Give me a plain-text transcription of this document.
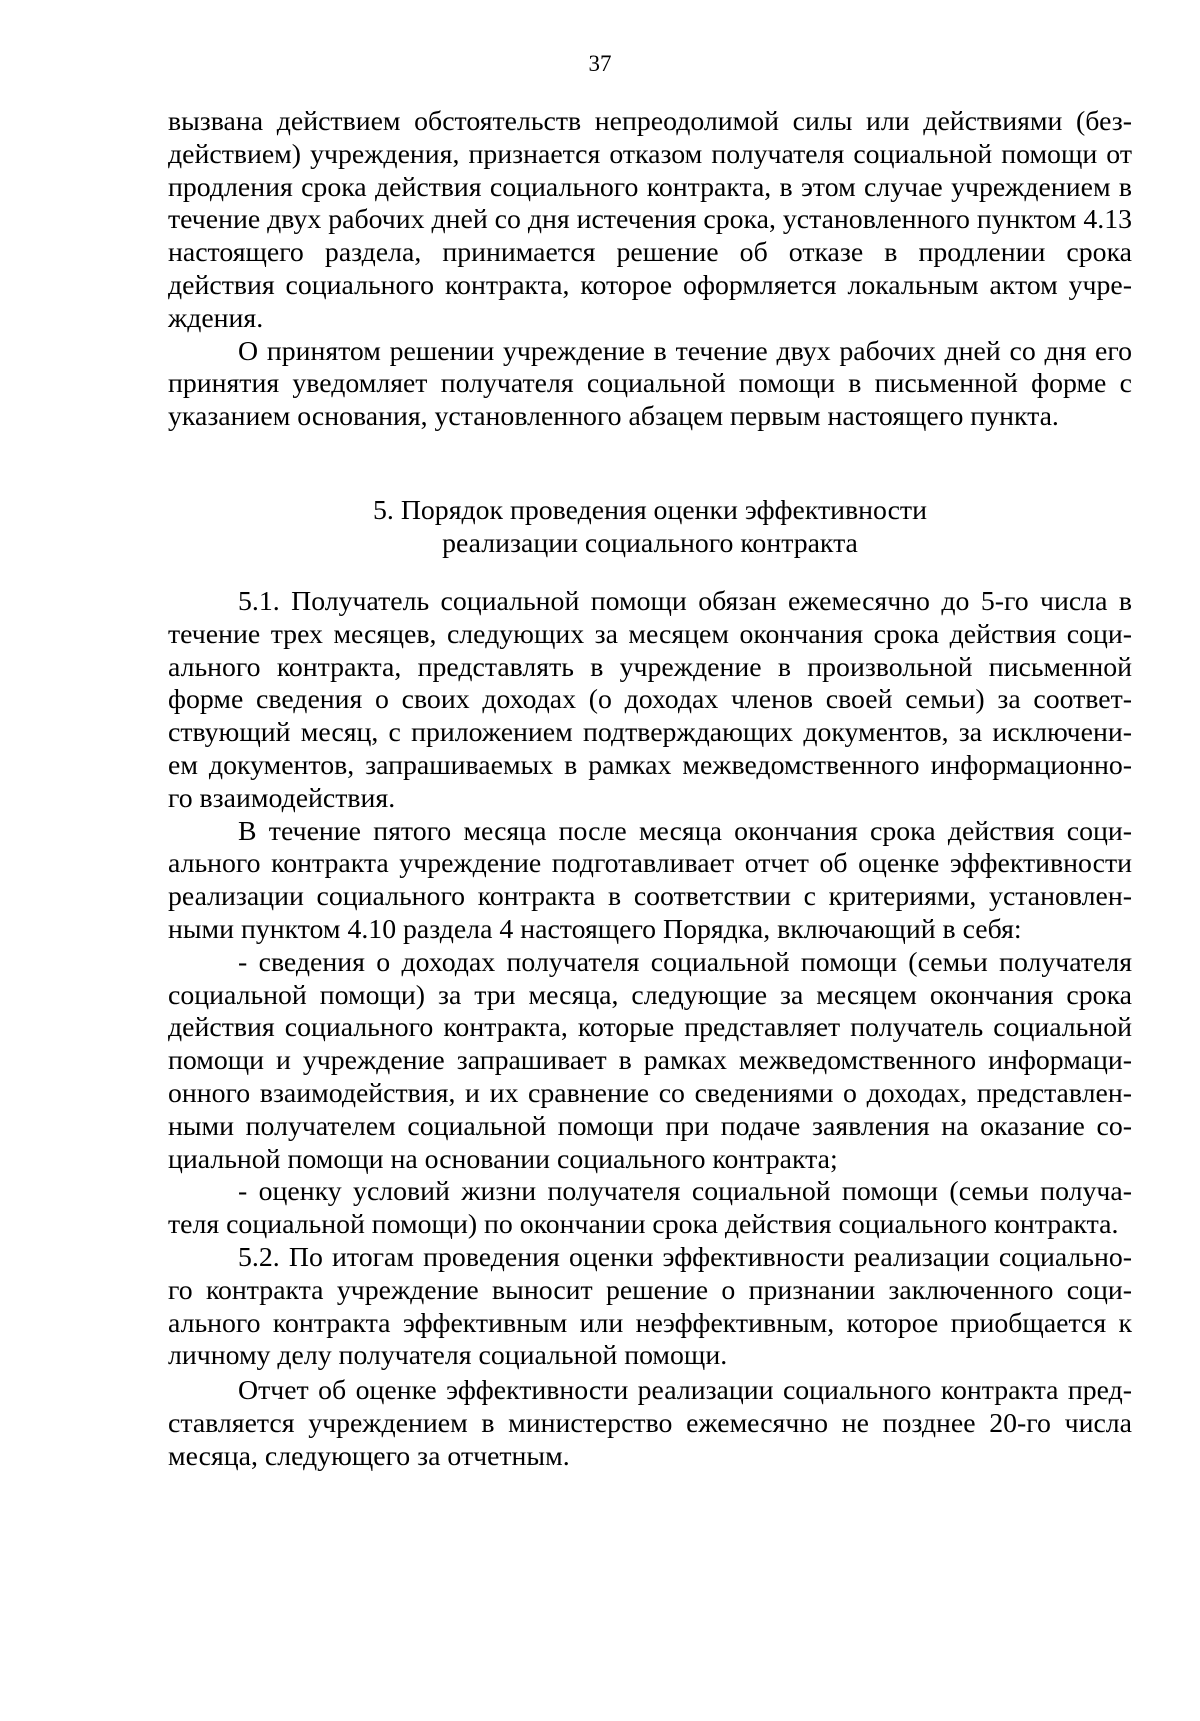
37

вызвана действием обстоятельств непреодолимой силы или действиями (без-действием) учреждения, признается отказом получателя социальной помощи от продления срока действия социального контракта, в этом случае учреждением в течение двух рабочих дней со дня истечения срока, установленного пунктом 4.13 настоящего раздела, принимается решение об отказе в продлении срока действия социального контракта, которое оформляется локальным актом учре-ждения.

О принятом решении учреждение в течение двух рабочих дней со дня его принятия уведомляет получателя социальной помощи в письменной форме с указанием основания, установленного абзацем первым настоящего пункта.

5. Порядок проведения оценки эффективности
реализации социального контракта

5.1. Получатель социальной помощи обязан ежемесячно до 5-го числа в течение трех месяцев, следующих за месяцем окончания срока действия соци-ального контракта, представлять в учреждение в произвольной письменной форме сведения о своих доходах (о доходах членов своей семьи) за соответ-ствующий месяц, с приложением подтверждающих документов, за исключени-ем документов, запрашиваемых в рамках межведомственного информационно-го взаимодействия.

В течение пятого месяца после месяца окончания срока действия соци-ального контракта учреждение подготавливает отчет об оценке эффективности реализации социального контракта в соответствии с критериями, установлен-ными пунктом 4.10 раздела 4 настоящего Порядка, включающий в себя:

- сведения о доходах получателя социальной помощи (семьи получателя социальной помощи) за три месяца, следующие за месяцем окончания срока действия социального контракта, которые представляет получатель социальной помощи и учреждение запрашивает в рамках межведомственного информаци-онного взаимодействия, и их сравнение со сведениями о доходах, представлен-ными получателем социальной помощи при подаче заявления на оказание со-циальной помощи на основании социального контракта;

- оценку условий жизни получателя социальной помощи (семьи получа-теля социальной помощи) по окончании срока действия социального контракта.

5.2. По итогам проведения оценки эффективности реализации социально-го контракта учреждение выносит решение о признании заключенного соци-ального контракта эффективным или неэффективным, которое приобщается к личному делу получателя социальной помощи.

Отчет об оценке эффективности реализации социального контракта пред-ставляется учреждением в министерство ежемесячно не позднее 20-го числа месяца, следующего за отчетным.
